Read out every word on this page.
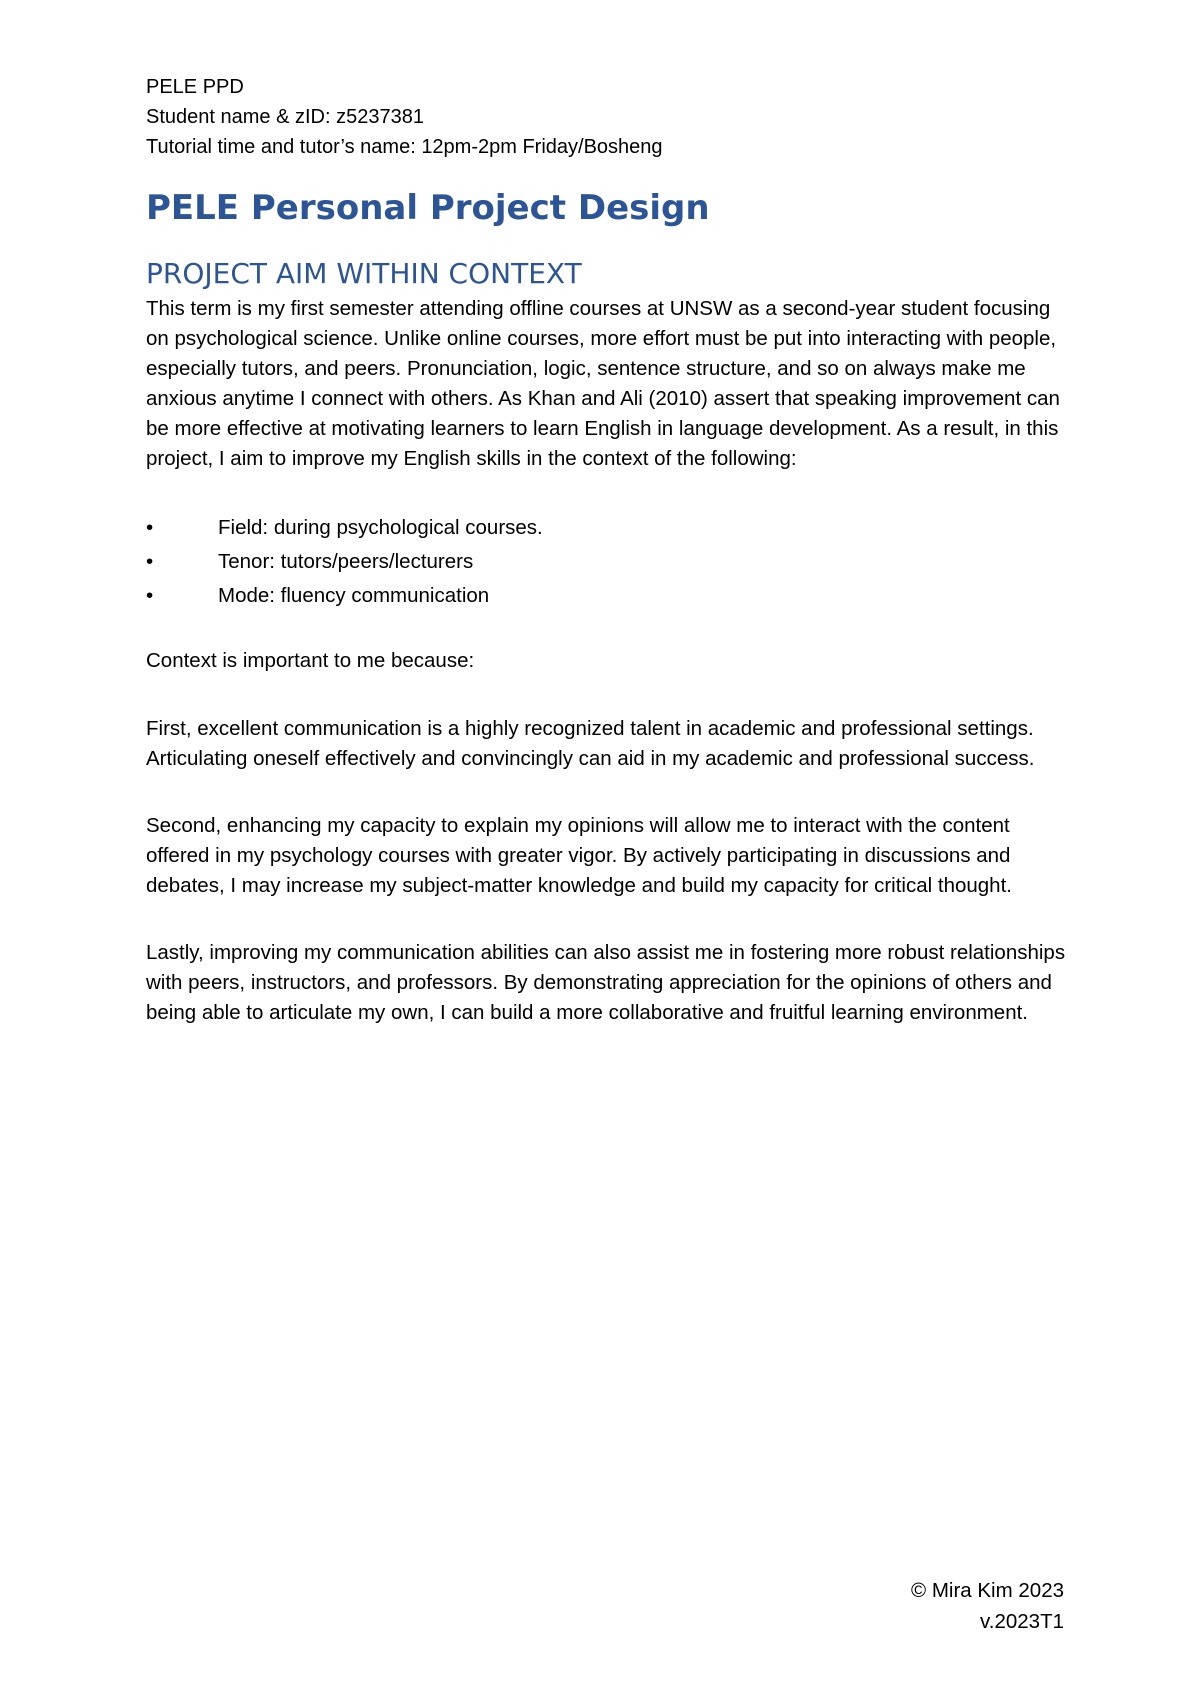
PELE PPD

Student name & zID: z5237381

Tutorial time and tutor’s name: 12pm-2pm Friday/Bosheng

PELE Personal Project Design
PROJECT AIM WITHIN CONTEXT

This term is my first semester attending offline courses at UNSW as a second-year student focusing on psychological science. Unlike online courses, more effort must be put into interacting with people, especially tutors, and peers. Pronunciation, logic, sentence structure, and so on always make me anxious anytime I connect with others. As Khan and Ali (2010) assert that speaking improvement can be more effective at motivating learners to learn English in language development. As a result, in this project, I aim to improve my English skills in the context of the following:

•	Field: during psychological courses.
•	Tenor: tutors/peers/lecturers
•	Mode: fluency communication

Context is important to me because:

First, excellent communication is a highly recognized talent in academic and professional settings. Articulating oneself effectively and convincingly can aid in my academic and professional success.

Second, enhancing my capacity to explain my opinions will allow me to interact with the content offered in my psychology courses with greater vigor. By actively participating in discussions and debates, I may increase my subject-matter knowledge and build my capacity for critical thought.

Lastly, improving my communication abilities can also assist me in fostering more robust relationships with peers, instructors, and professors. By demonstrating appreciation for the opinions of others and being able to articulate my own, I can build a more collaborative and fruitful learning environment.

© Mira Kim 2023
v.2023T1
